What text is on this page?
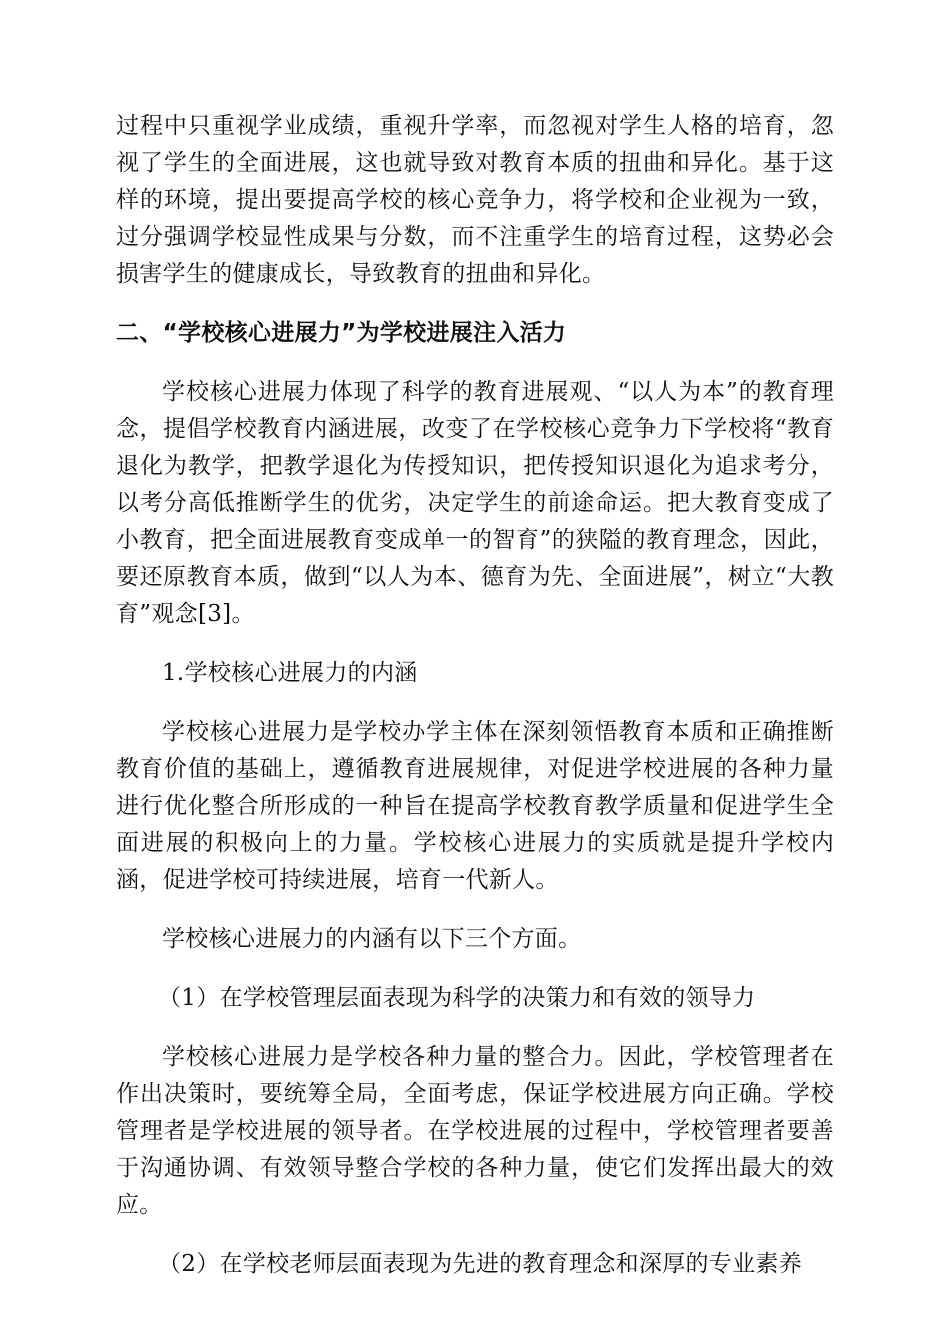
过程中只重视学业成绩，重视升学率，而忽视对学生人格的培育，忽视了学生的全面进展，这也就导致对教育本质的扭曲和异化。基于这样的环境，提出要提高学校的核心竞争力，将学校和企业视为一致，过分强调学校显性成果与分数，而不注重学生的培育过程，这势必会损害学生的健康成长，导致教育的扭曲和异化。

二、“学校核心进展力”为学校进展注入活力

学校核心进展力体现了科学的教育进展观、“以人为本”的教育理念，提倡学校教育内涵进展，改变了在学校核心竞争力下学校将“教育退化为教学，把教学退化为传授知识，把传授知识退化为追求考分，以考分高低推断学生的优劣，决定学生的前途命运。把大教育变成了小教育，把全面进展教育变成单一的智育”的狭隘的教育理念，因此，要还原教育本质，做到“以人为本、德育为先、全面进展”，树立“大教育”观念[3]。

1.学校核心进展力的内涵

学校核心进展力是学校办学主体在深刻领悟教育本质和正确推断教育价值的基础上，遵循教育进展规律，对促进学校进展的各种力量进行优化整合所形成的一种旨在提高学校教育教学质量和促进学生全面进展的积极向上的力量。学校核心进展力的实质就是提升学校内涵，促进学校可持续进展，培育一代新人。

学校核心进展力的内涵有以下三个方面。

（1）在学校管理层面表现为科学的决策力和有效的领导力

学校核心进展力是学校各种力量的整合力。因此，学校管理者在作出决策时，要统筹全局，全面考虑，保证学校进展方向正确。学校管理者是学校进展的领导者。在学校进展的过程中，学校管理者要善于沟通协调、有效领导整合学校的各种力量，使它们发挥出最大的效应。

（2）在学校老师层面表现为先进的教育理念和深厚的专业素养
